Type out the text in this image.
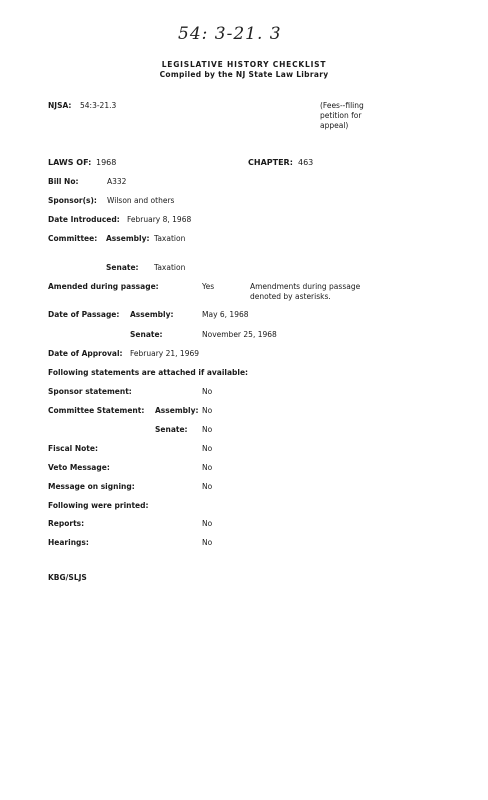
54: 3-21. 3
LEGISLATIVE HISTORY CHECKLIST
Compiled by the NJ State Law Library
NJSA: 54:3-21.3	(Fees--filing
petition for
appeal)
LAWS OF: 1968	CHAPTER: 463
Bill No:	A332
Sponsor(s): Wilson and others
Date Introduced: February 8, 1968
Committee: Assembly: Taxation
Senate: Taxation
Amended during passage:	Yes	Amendments during passage
denoted by asterisks.
Date of Passage: Assembly:	May 6, 1968
Senate:	November 25, 1968
Date of Approval: February 21, 1969
Following statements are attached if available:
Sponsor statement:	No
Committee Statement: Assembly: No
Senate: No
Fiscal Note:	No
Veto Message:	No
Message on signing:	No
Following were printed:
Reports:	No
Hearings:	No
KBG/SLJS
